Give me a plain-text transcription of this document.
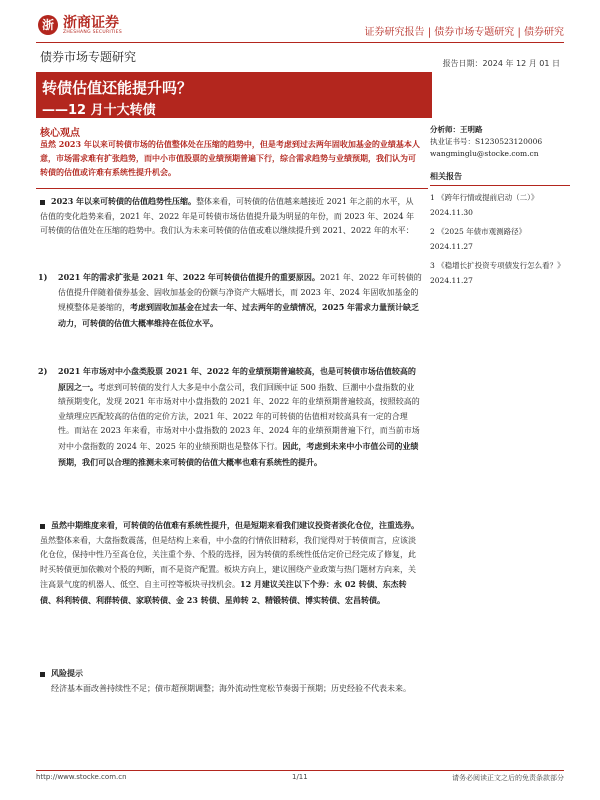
浙 浙商证券
ZHESHANG SECURITIES	证券研究报告 | 债券市场专题研究 | 债券研究
债券市场专题研究	报告日期：2024 年 12 月 01 日
转债估值还能提升吗？
——12 月十大转债
核心观点
虽然 2023 年以来可转债市场的估值整体处在压缩的趋势中，但是考虑到过去两年固收加基金的业绩基本人意，市场需求难有扩张趋势，而中小市值股票的业绩预期普遍下行，综合需求趋势与业绩预期，我们认为可转债的估值或许难有系统性提升机会。
2023 年以来可转债的估值趋势性压缩。整体来看，可转债的估值越来越接近 2021 年之前的水平，从估值的变化趋势来看，2021 年、2022 年是可转债市场估值提升最为明显的年份，而 2023 年、2024 年可转债的估值处在压缩的趋势中。我们认为未来可转债的估值或难以继续提升到 2021、2022 年的水平：
1) 2021 年的需求扩张是 2021 年、2022 年可转债估值提升的重要原因。2021 年、2022 年可转债的估值提升伴随着债券基金、固收加基金的份额与净资产大幅增长，而 2023 年、2024 年固收加基金的规模整体是萎缩的，考虑到固收加基金在过去一年、过去两年的业绩情况，2025 年需求力量预计缺乏动力，可转债的估值大概率维持在低位水平。
2) 2021 年市场对中小盘类股票 2021 年、2022 年的业绩预期普遍较高，也是可转债市场估值较高的原因之一。考虑到可转债的发行人大多是中小盘公司，我们回顾中证 500 指数、巨潮中小盘指数的业绩预期变化，发现 2021 年市场对中小盘指数的 2021 年、2022 年的业绩预期普遍较高，按照较高的业绩理应匹配较高的估值的定价方法，2021 年、2022 年的可转债的估值相对较高具有一定的合理性。而站在 2023 年来看，市场对中小盘指数的 2023 年、2024 年的业绩预期普遍下行，而当前市场对中小盘指数的 2024 年、2025 年的业绩预期也是整体下行。因此，考虑到未来中小市值公司的业绩预期，我们可以合理的推测未来可转债的估值大概率也难有系统性的提升。
虽然中期维度来看，可转债的估值难有系统性提升，但是短期来看我们建议投资者淡化仓位，注重选券。虽然整体来看，大盘指数震荡，但是结构上来看，中小盘的行情依旧精彩，我们觉得对于转债而言，应该淡化仓位，保持中性乃至高仓位，关注重个券、个股的选择，因为转债的系统性低估定价已经完成了修复，此时买转债更加依赖对个股的判断，而不是资产配置。板块方向上，建议围绕产业政策与热门题材方向来，关注高景气度的机器人、低空、自主可控等板块寻找机会。12 月建议关注以下个券：永 02 转债、东杰转债、科利转债、利群转债、家联转债、金 23 转债、星帅转 2、精锻转债、博实转债、宏昌转债。
风险提示
经济基本面改善持续性不足；债市超预期调整；海外流动性宽松节奏弱于预期；历史经验不代表未来。
分析师：王明路
执业证书号：S1230523120006
wangminglu@stocke.com.cn
相关报告
1 《跨年行情或提前启动（二）》 2024.11.30
2 《2025 年债市观测路径》 2024.11.27
3 《稳增长扩投资专项债发行怎么看？》 2024.11.27
http://www.stocke.com.cn	1/11	请务必阅读正文之后的免责条款部分
